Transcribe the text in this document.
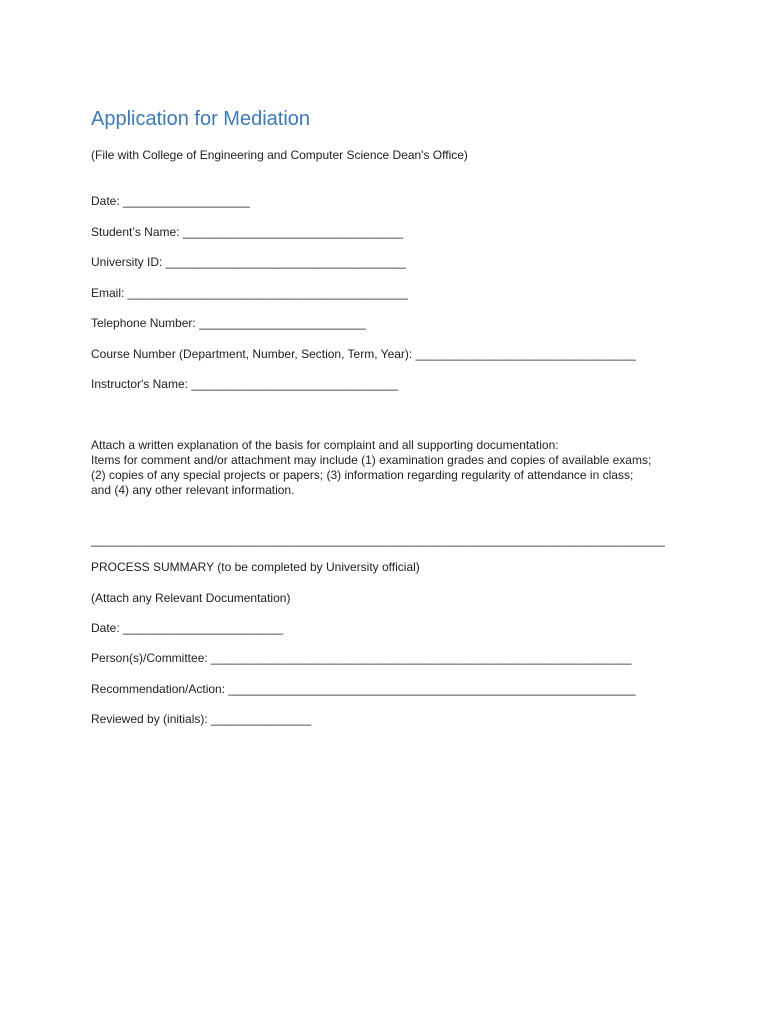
Application for Mediation
(File with College of Engineering and Computer Science Dean's Office)
Date: ___________________
Student’s Name: _________________________________
University ID: ____________________________________
Email: __________________________________________
Telephone Number: _________________________
Course Number (Department, Number, Section, Term, Year): _________________________________
Instructor's Name: _______________________________
Attach a written explanation of the basis for complaint and all supporting documentation:
Items for comment and/or attachment may include (1) examination grades and copies of available exams;
(2) copies of any special projects or papers; (3) information regarding regularity of attendance in class;
and (4) any other relevant information.
______________________________________________________________________________________
PROCESS SUMMARY (to be completed by University official)
(Attach any Relevant Documentation)
Date: ________________________
Person(s)/Committee: _______________________________________________________________
Recommendation/Action: _____________________________________________________________
Reviewed by (initials): _______________
